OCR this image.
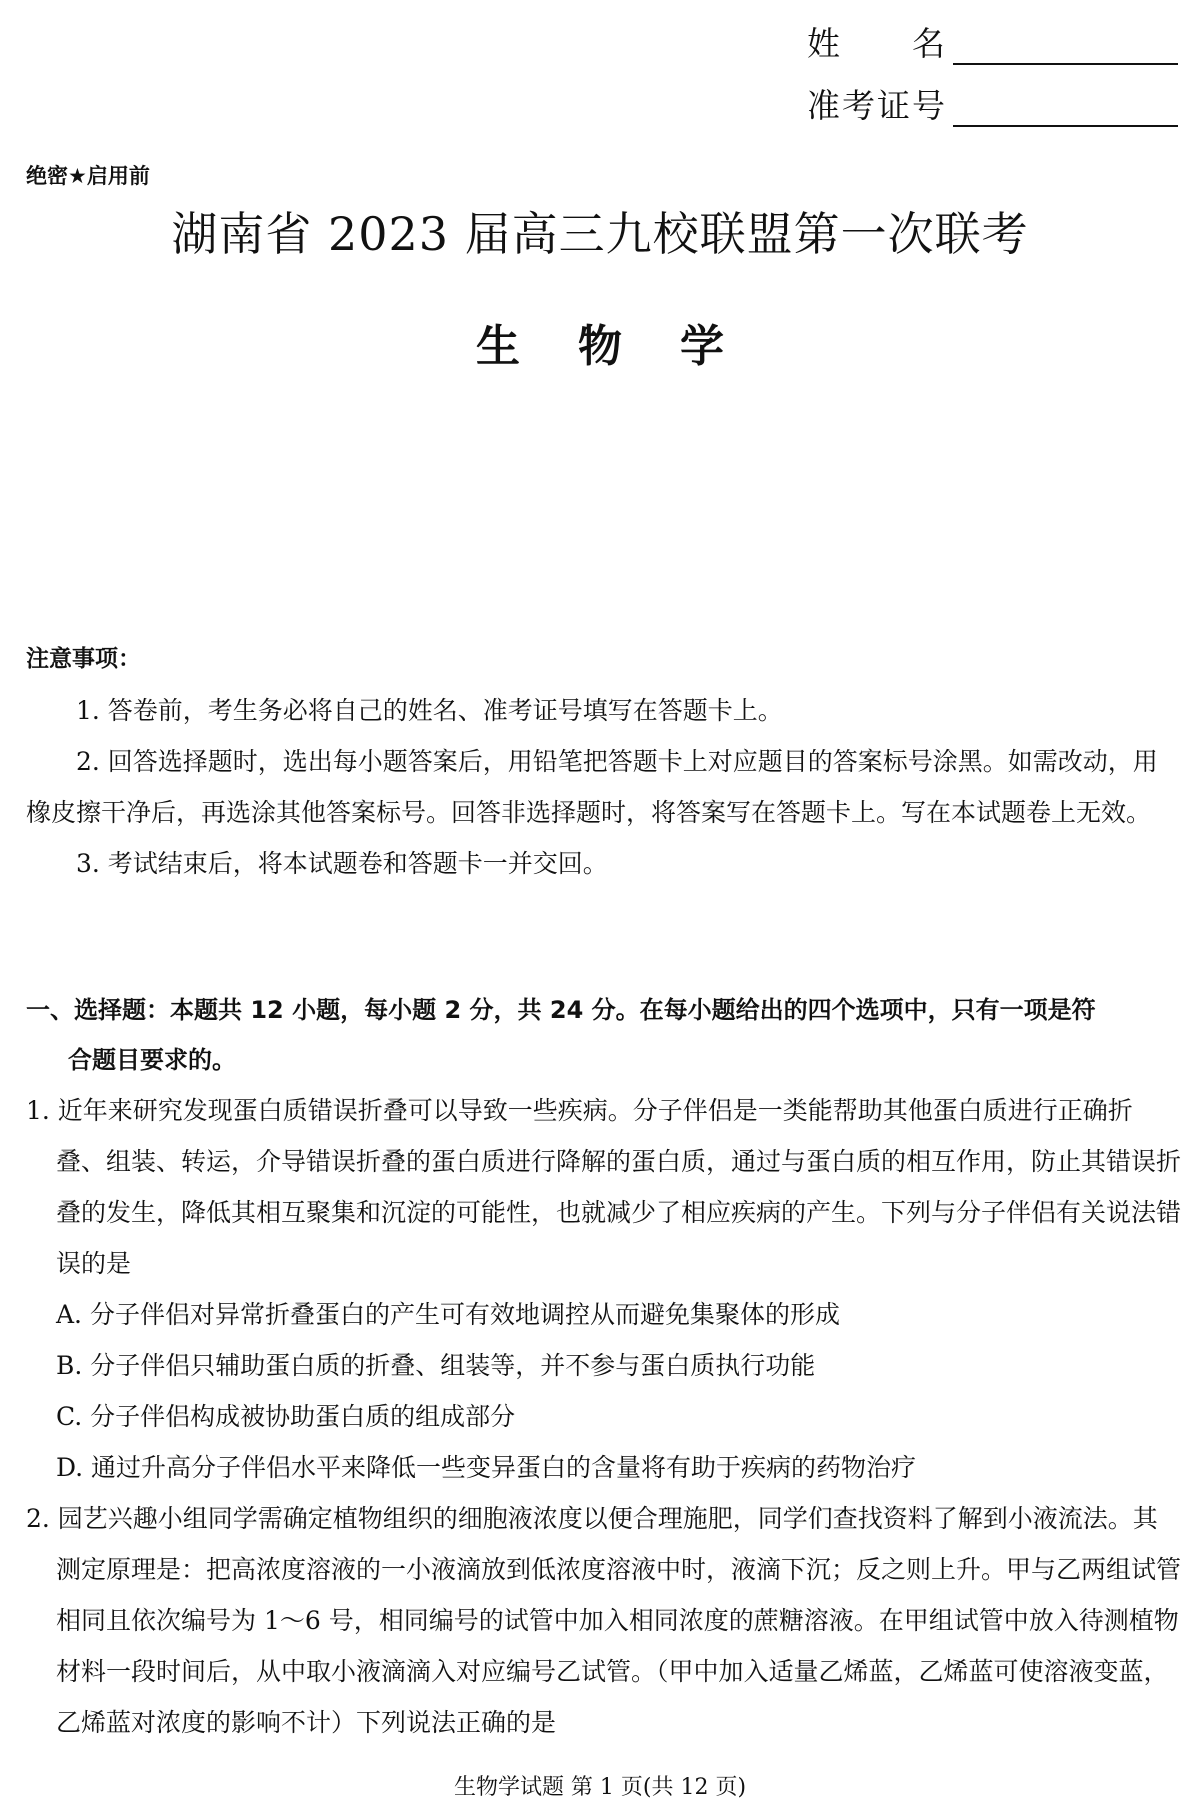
姓　　名
准考证号
绝密★启用前
湖南省 2023 届高三九校联盟第一次联考
生物学
注意事项：

1. 答卷前，考生务必将自己的姓名、准考证号填写在答题卡上。

2. 回答选择题时，选出每小题答案后，用铅笔把答题卡上对应题目的答案标号涂黑。如需改动，用橡皮擦干净后，再选涂其他答案标号。回答非选择题时，将答案写在答题卡上。写在本试题卷上无效。

3. 考试结束后，将本试题卷和答题卡一并交回。

一、选择题：本题共 12 小题，每小题 2 分，共 24 分。在每小题给出的四个选项中，只有一项是符
合题目要求的。

1. 近年来研究发现蛋白质错误折叠可以导致一些疾病。分子伴侣是一类能帮助其他蛋白质进行正确折叠、组装、转运，介导错误折叠的蛋白质进行降解的蛋白质，通过与蛋白质的相互作用，防止其错误折叠的发生，降低其相互聚集和沉淀的可能性，也就减少了相应疾病的产生。下列与分子伴侣有关说法错误的是

A. 分子伴侣对异常折叠蛋白的产生可有效地调控从而避免集聚体的形成

B. 分子伴侣只辅助蛋白质的折叠、组装等，并不参与蛋白质执行功能

C. 分子伴侣构成被协助蛋白质的组成部分

D. 通过升高分子伴侣水平来降低一些变异蛋白的含量将有助于疾病的药物治疗

2. 园艺兴趣小组同学需确定植物组织的细胞液浓度以便合理施肥，同学们查找资料了解到小液流法。其测定原理是：把高浓度溶液的一小液滴放到低浓度溶液中时，液滴下沉；反之则上升。甲与乙两组试管相同且依次编号为 1～6 号，相同编号的试管中加入相同浓度的蔗糖溶液。在甲组试管中放入待测植物材料一段时间后，从中取小液滴滴入对应编号乙试管。（甲中加入适量乙烯蓝，乙烯蓝可使溶液变蓝，乙烯蓝对浓度的影响不计）下列说法正确的是

生物学试题 第 1 页(共 12 页)
